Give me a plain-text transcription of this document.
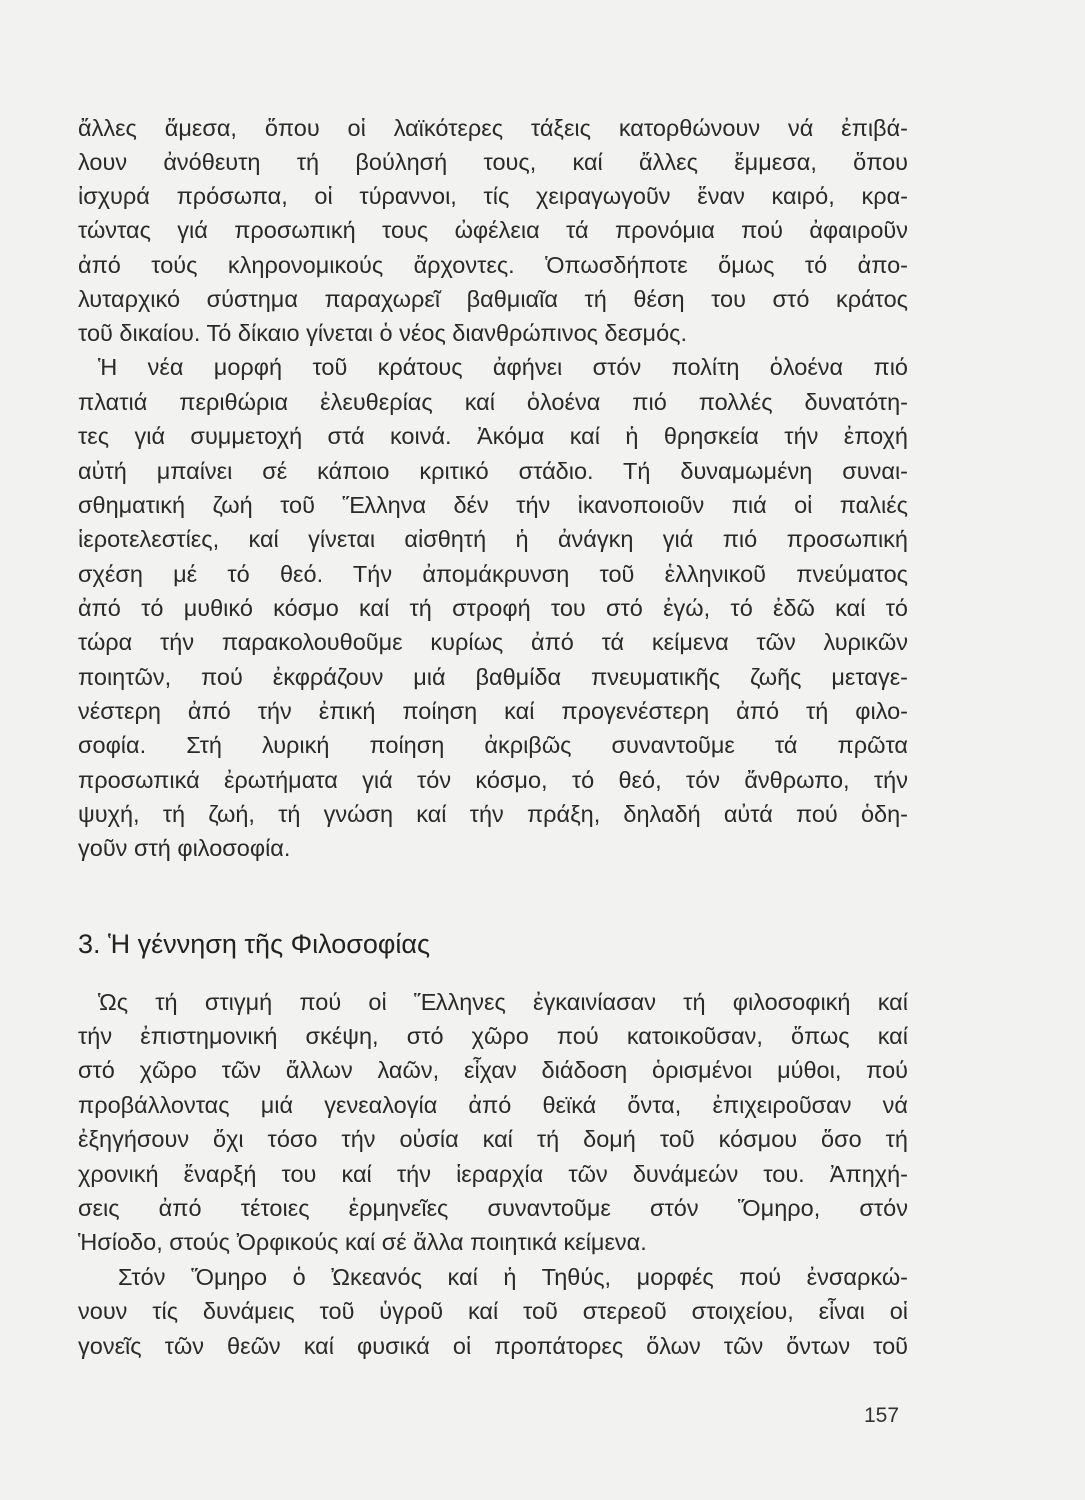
ἄλλες ἄμεσα, ὅπου οἱ λαϊκότερες τάξεις κατορθώνουν νά ἐπιβά-
λουν ἀνόθευτη τή βούλησή τους, καί ἄλλες ἔμμεσα, ὅπου
ἰσχυρά πρόσωπα, οἱ τύραννοι, τίς χειραγωγοῦν ἕναν καιρό, κρα-
τώντας γιά προσωπική τους ὠφέλεια τά προνόμια πού ἀφαιροῦν
ἀπό τούς κληρονομικούς ἄρχοντες. Ὁπωσδήποτε ὅμως τό ἀπο-
λυταρχικό σύστημα παραχωρεῖ βαθμιαῖα τή θέση του στό κράτος
τοῦ δικαίου. Τό δίκαιο γίνεται ὁ νέος διανθρώπινος δεσμός.
Ἡ νέα μορφή τοῦ κράτους ἀφήνει στόν πολίτη ὁλοένα πιό
πλατιά περιθώρια ἐλευθερίας καί ὁλοένα πιό πολλές δυνατότη-
τες γιά συμμετοχή στά κοινά. Ἀκόμα καί ἡ θρησκεία τήν ἐποχή
αὐτή μπαίνει σέ κάποιο κριτικό στάδιο. Τή δυναμωμένη συναι-
σθηματική ζωή τοῦ Ἕλληνα δέν τήν ἱκανοποιοῦν πιά οἱ παλιές
ἱεροτελεστίες, καί γίνεται αἰσθητή ἡ ἀνάγκη γιά πιό προσωπική
σχέση μέ τό θεό. Τήν ἀπομάκρυνση τοῦ ἑλληνικοῦ πνεύματος
ἀπό τό μυθικό κόσμο καί τή στροφή του στό ἐγώ, τό ἐδῶ καί τό
τώρα τήν παρακολουθοῦμε κυρίως ἀπό τά κείμενα τῶν λυρικῶν
ποιητῶν, πού ἐκφράζουν μιά βαθμίδα πνευματικῆς ζωῆς μεταγε-
νέστερη ἀπό τήν ἐπική ποίηση καί προγενέστερη ἀπό τή φιλο-
σοφία. Στή λυρική ποίηση ἀκριβῶς συναντοῦμε τά πρῶτα
προσωπικά ἐρωτήματα γιά τόν κόσμο, τό θεό, τόν ἄνθρωπο, τήν
ψυχή, τή ζωή, τή γνώση καί τήν πράξη, δηλαδή αὐτά πού ὁδη-
γοῦν στή φιλοσοφία.
3. Ἡ γέννηση τῆς Φιλοσοφίας
Ὡς τή στιγμή πού οἱ Ἕλληνες ἐγκαινίασαν τή φιλοσοφική καί
τήν ἐπιστημονική σκέψη, στό χῶρο πού κατοικοῦσαν, ὅπως καί
στό χῶρο τῶν ἄλλων λαῶν, εἶχαν διάδοση ὁρισμένοι μύθοι, πού
προβάλλοντας μιά γενεαλογία ἀπό θεϊκά ὄντα, ἐπιχειροῦσαν νά
ἐξηγήσουν ὄχι τόσο τήν οὐσία καί τή δομή τοῦ κόσμου ὅσο τή
χρονική ἔναρξή του καί τήν ἱεραρχία τῶν δυνάμεών του. Ἀπηχή-
σεις ἀπό τέτοιες ἑρμηνεῖες συναντοῦμε στόν Ὅμηρο, στόν
Ἡσίοδο, στούς Ὀρφικούς καί σέ ἄλλα ποιητικά κείμενα.
Στόν Ὅμηρο ὁ Ὠκεανός καί ἡ Τηθύς, μορφές πού ἐνσαρκώ-
νουν τίς δυνάμεις τοῦ ὑγροῦ καί τοῦ στερεοῦ στοιχείου, εἶναι οἱ
γονεῖς τῶν θεῶν καί φυσικά οἱ προπάτορες ὅλων τῶν ὄντων τοῦ
157
